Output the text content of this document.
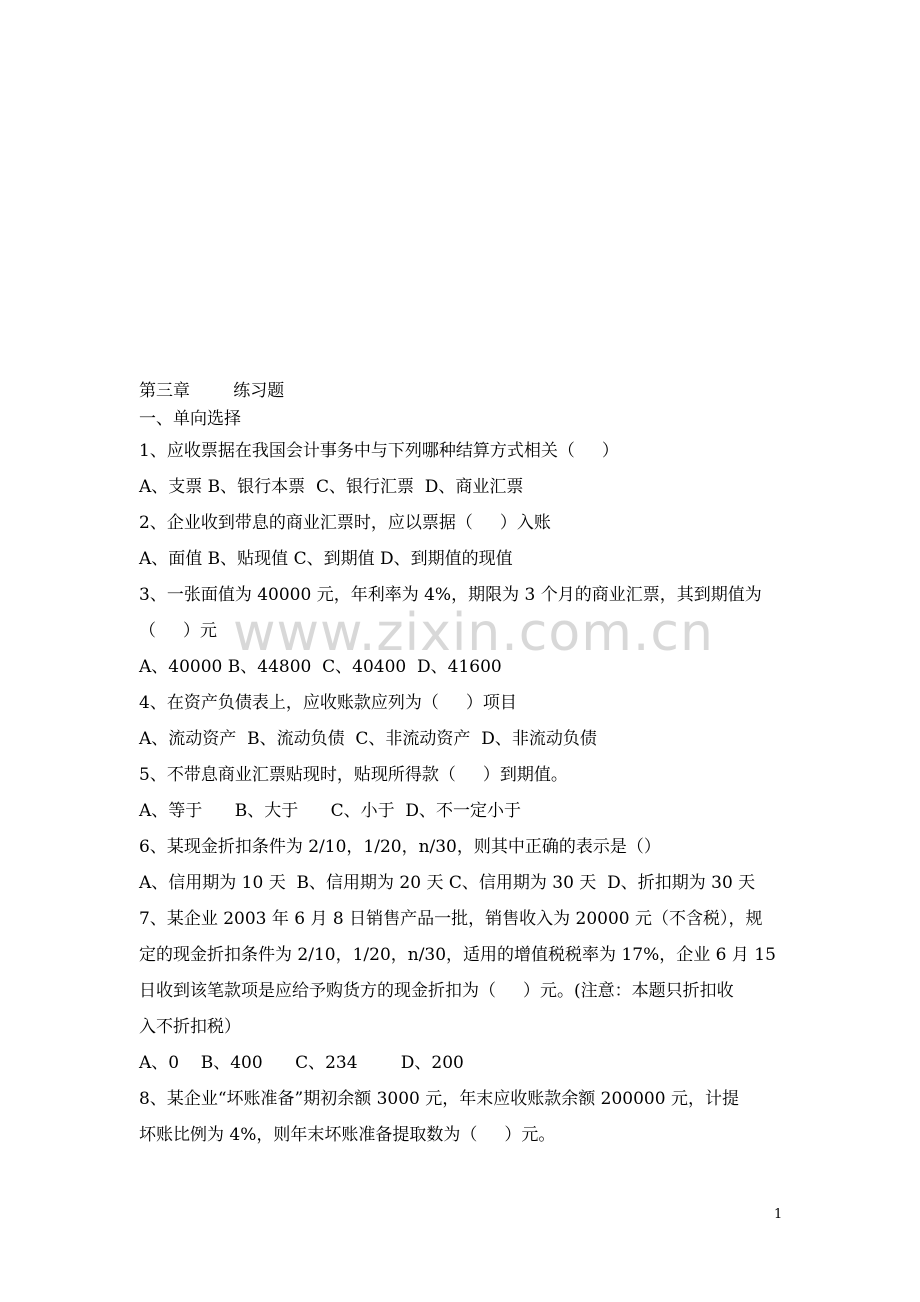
第三章        练习题
一、单向选择
1、应收票据在我国会计事务中与下列哪种结算方式相关（     ）
A、支票 B、银行本票  C、银行汇票  D、商业汇票
2、企业收到带息的商业汇票时，应以票据（     ）入账
A、面值 B、贴现值 C、到期值 D、到期值的现值
3、一张面值为 40000 元，年利率为 4%，期限为 3 个月的商业汇票，其到期值为
（     ）元
A、40000 B、44800  C、40400  D、41600
4、在资产负债表上，应收账款应列为（     ）项目
A、流动资产  B、流动负债  C、非流动资产  D、非流动负债
5、不带息商业汇票贴现时，贴现所得款（     ）到期值。
A、等于      B、大于      C、小于  D、不一定小于
6、某现金折扣条件为 2/10，1/20，n/30，则其中正确的表示是（）
A、信用期为 10 天  B、信用期为 20 天 C、信用期为 30 天  D、折扣期为 30 天
7、某企业 2003 年 6 月 8 日销售产品一批，销售收入为 20000 元（不含税），规
定的现金折扣条件为 2/10，1/20，n/30，适用的增值税税率为 17%，企业 6 月 15
日收到该笔款项是应给予购货方的现金折扣为（     ）元。(注意：本题只折扣收
入不折扣税）
A、0    B、400      C、234        D、200
8、某企业“坏账准备”期初余额 3000 元，年末应收账款余额 200000 元，计提
坏账比例为 4%，则年末坏账准备提取数为（     ）元。
www.zixin.com.cn
1
